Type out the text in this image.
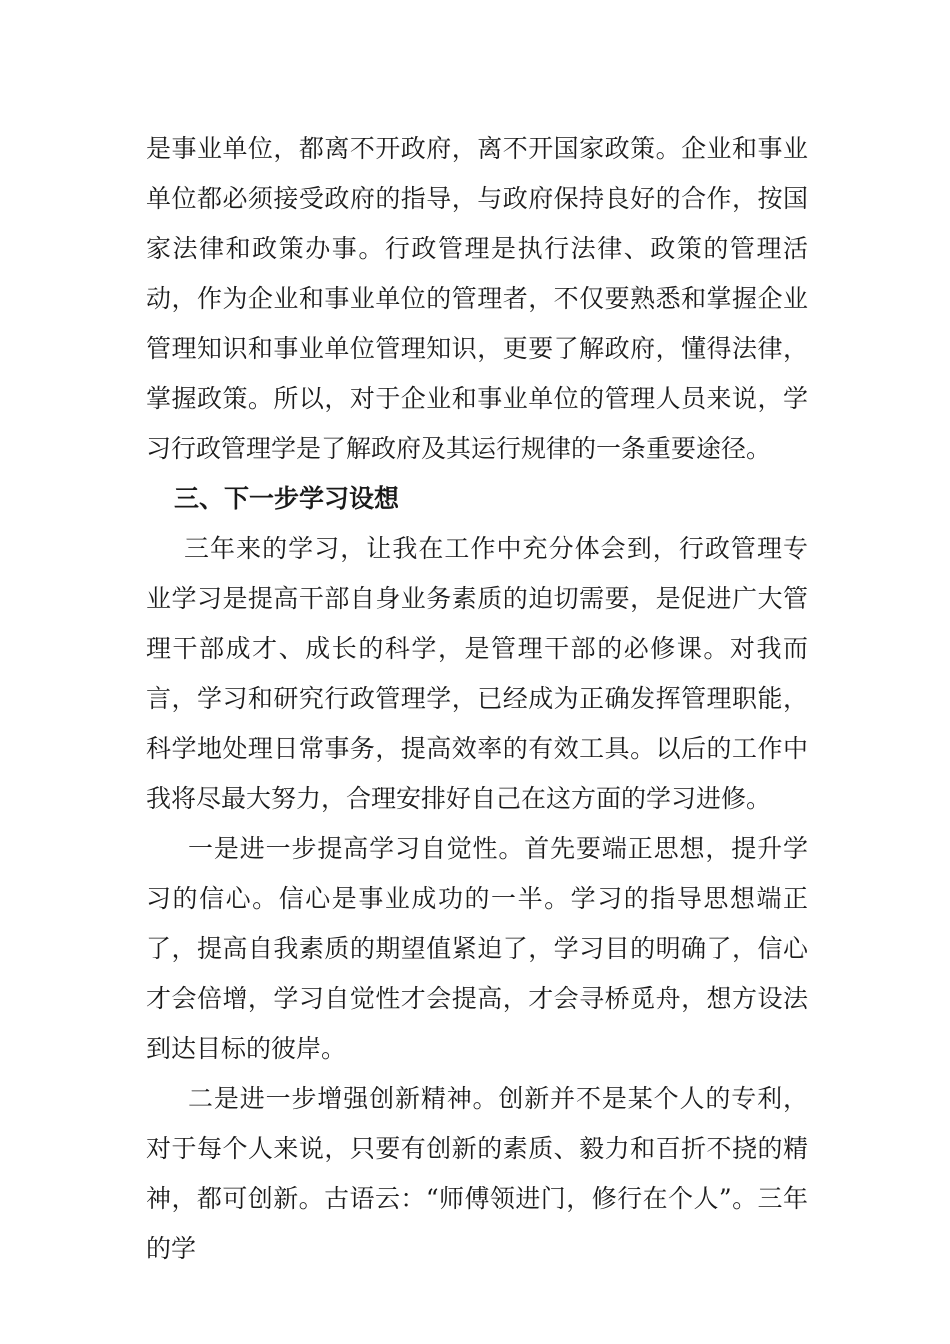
是事业单位，都离不开政府，离不开国家政策。企业和事业单位都必须接受政府的指导，与政府保持良好的合作，按国家法律和政策办事。行政管理是执行法律、政策的管理活动，作为企业和事业单位的管理者，不仅要熟悉和掌握企业管理知识和事业单位管理知识，更要了解政府，懂得法律，掌握政策。所以，对于企业和事业单位的管理人员来说，学习行政管理学是了解政府及其运行规律的一条重要途径。

三、下一步学习设想

三年来的学习，让我在工作中充分体会到，行政管理专业学习是提高干部自身业务素质的迫切需要，是促进广大管理干部成才、成长的科学，是管理干部的必修课。对我而言，学习和研究行政管理学，已经成为正确发挥管理职能，科学地处理日常事务，提高效率的有效工具。以后的工作中我将尽最大努力，合理安排好自己在这方面的学习进修。

一是进一步提高学习自觉性。首先要端正思想，提升学习的信心。信心是事业成功的一半。学习的指导思想端正了，提高自我素质的期望值紧迫了，学习目的明确了，信心才会倍增，学习自觉性才会提高，才会寻桥觅舟，想方设法到达目标的彼岸。

二是进一步增强创新精神。创新并不是某个人的专利，对于每个人来说，只要有创新的素质、毅力和百折不挠的精神，都可创新。古语云：“师傅领进门，修行在个人”。三年的学
